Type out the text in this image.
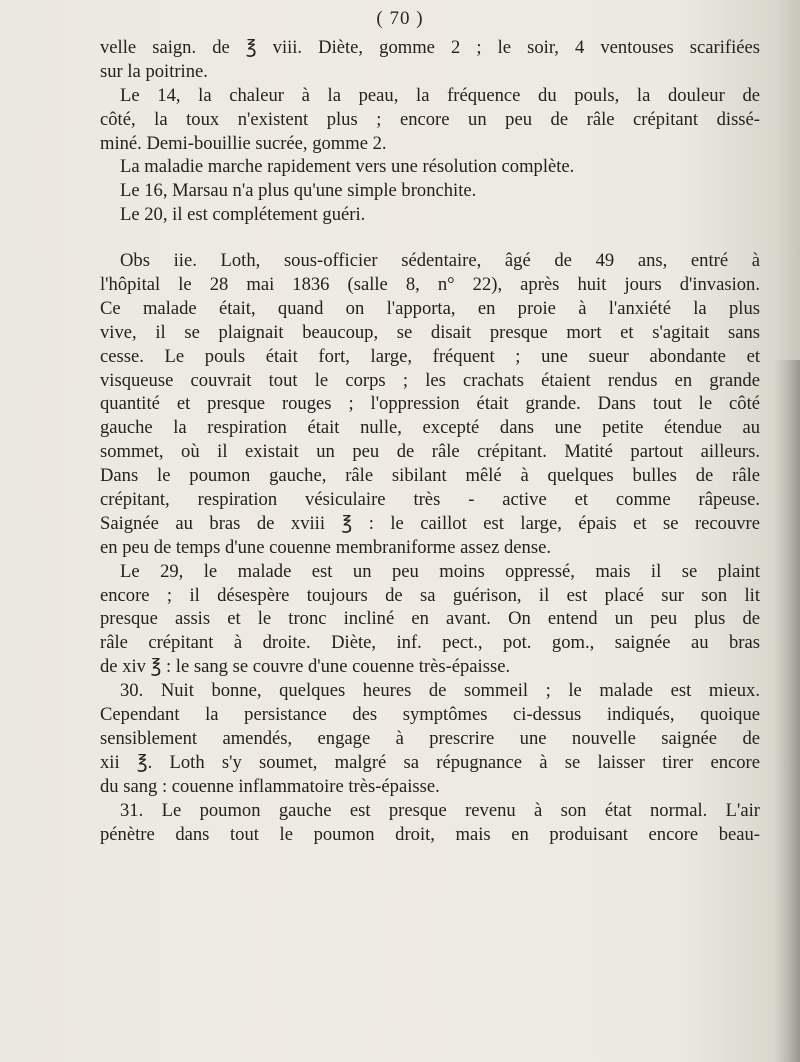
( 70 )
velle saign. de ℥ viii. Diète, gomme 2 ; le soir, 4 ventouses scarifiées
sur la poitrine.
Le 14, la chaleur à la peau, la fréquence du pouls, la douleur de
côté, la toux n'existent plus ; encore un peu de râle crépitant dissé-
miné. Demi-bouillie sucrée, gomme 2.
La maladie marche rapidement vers une résolution complète.
Le 16, Marsau n'a plus qu'une simple bronchite.
Le 20, il est complétement guéri.
Obs iie. Loth, sous-officier sédentaire, âgé de 49 ans, entré à
l'hôpital le 28 mai 1836 (salle 8, n° 22), après huit jours d'invasion.
Ce malade était, quand on l'apporta, en proie à l'anxiété la plus
vive, il se plaignait beaucoup, se disait presque mort et s'agitait sans
cesse. Le pouls était fort, large, fréquent ; une sueur abondante et
visqueuse couvrait tout le corps ; les crachats étaient rendus en grande
quantité et presque rouges ; l'oppression était grande. Dans tout le côté
gauche la respiration était nulle, excepté dans une petite étendue au
sommet, où il existait un peu de râle crépitant. Matité partout ailleurs.
Dans le poumon gauche, râle sibilant mêlé à quelques bulles de râle
crépitant, respiration vésiculaire très - active et comme râpeuse.
Saignée au bras de xviii ℥ : le caillot est large, épais et se recouvre
en peu de temps d'une couenne membraniforme assez dense.
Le 29, le malade est un peu moins oppressé, mais il se plaint
encore ; il désespère toujours de sa guérison, il est placé sur son lit
presque assis et le tronc incliné en avant. On entend un peu plus de
râle crépitant à droite. Diète, inf. pect., pot. gom., saignée au bras
de xiv ℥ : le sang se couvre d'une couenne très-épaisse.
30. Nuit bonne, quelques heures de sommeil ; le malade est mieux.
Cependant la persistance des symptômes ci-dessus indiqués, quoique
sensiblement amendés, engage à prescrire une nouvelle saignée de
xii ℥. Loth s'y soumet, malgré sa répugnance à se laisser tirer encore
du sang : couenne inflammatoire très-épaisse.
31. Le poumon gauche est presque revenu à son état normal. L'air
pénètre dans tout le poumon droit, mais en produisant encore beau-
